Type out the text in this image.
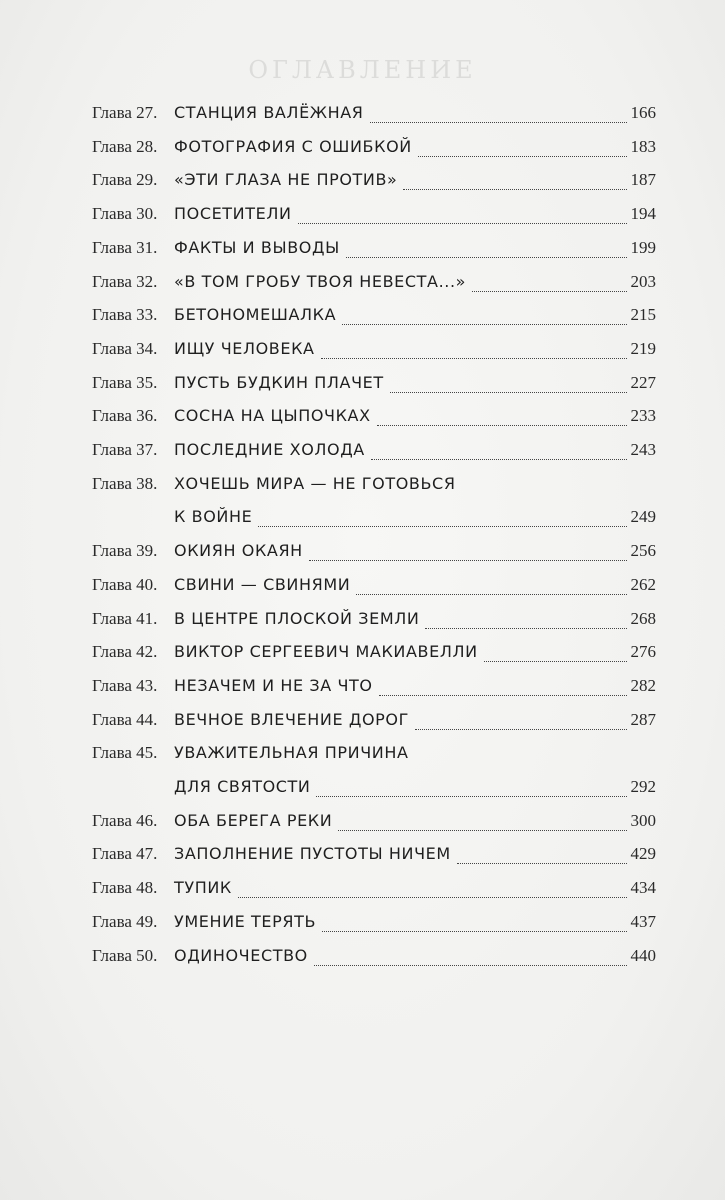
ОГЛАВЛЕНИЕ
Глава 27. СТАНЦИЯ ВАЛЁЖНАЯ	166
Глава 28. ФОТОГРАФИЯ С ОШИБКОЙ	183
Глава 29. «ЭТИ ГЛАЗА НЕ ПРОТИВ»	187
Глава 30. ПОСЕТИТЕЛИ	194
Глава 31. ФАКТЫ И ВЫВОДЫ	199
Глава 32. «В ТОМ ГРОБУ ТВОЯ НЕВЕСТА...»	203
Глава 33. БЕТОНОМЕШАЛКА	215
Глава 34. ИЩУ ЧЕЛОВЕКА	219
Глава 35. ПУСТЬ БУДКИН ПЛАЧЕТ	227
Глава 36. СОСНА НА ЦЫПОЧКАХ	233
Глава 37. ПОСЛЕДНИЕ ХОЛОДА	243
Глава 38. ХОЧЕШЬ МИРА — НЕ ГОТОВЬСЯ
К ВОЙНЕ	249
Глава 39. ОКИЯН ОКАЯН	256
Глава 40. СВИНИ — СВИНЯМИ	262
Глава 41. В ЦЕНТРЕ ПЛОСКОЙ ЗЕМЛИ	268
Глава 42. ВИКТОР СЕРГЕЕВИЧ МАКИАВЕЛЛИ	276
Глава 43. НЕЗАЧЕМ И НЕ ЗА ЧТО	282
Глава 44. ВЕЧНОЕ ВЛЕЧЕНИЕ ДОРОГ	287
Глава 45. УВАЖИТЕЛЬНАЯ ПРИЧИНА
ДЛЯ СВЯТОСТИ	292
Глава 46. ОБА БЕРЕГА РЕКИ	300
Глава 47. ЗАПОЛНЕНИЕ ПУСТОТЫ НИЧЕМ	429
Глава 48. ТУПИК	434
Глава 49. УМЕНИЕ ТЕРЯТЬ	437
Глава 50. ОДИНОЧЕСТВО	440
